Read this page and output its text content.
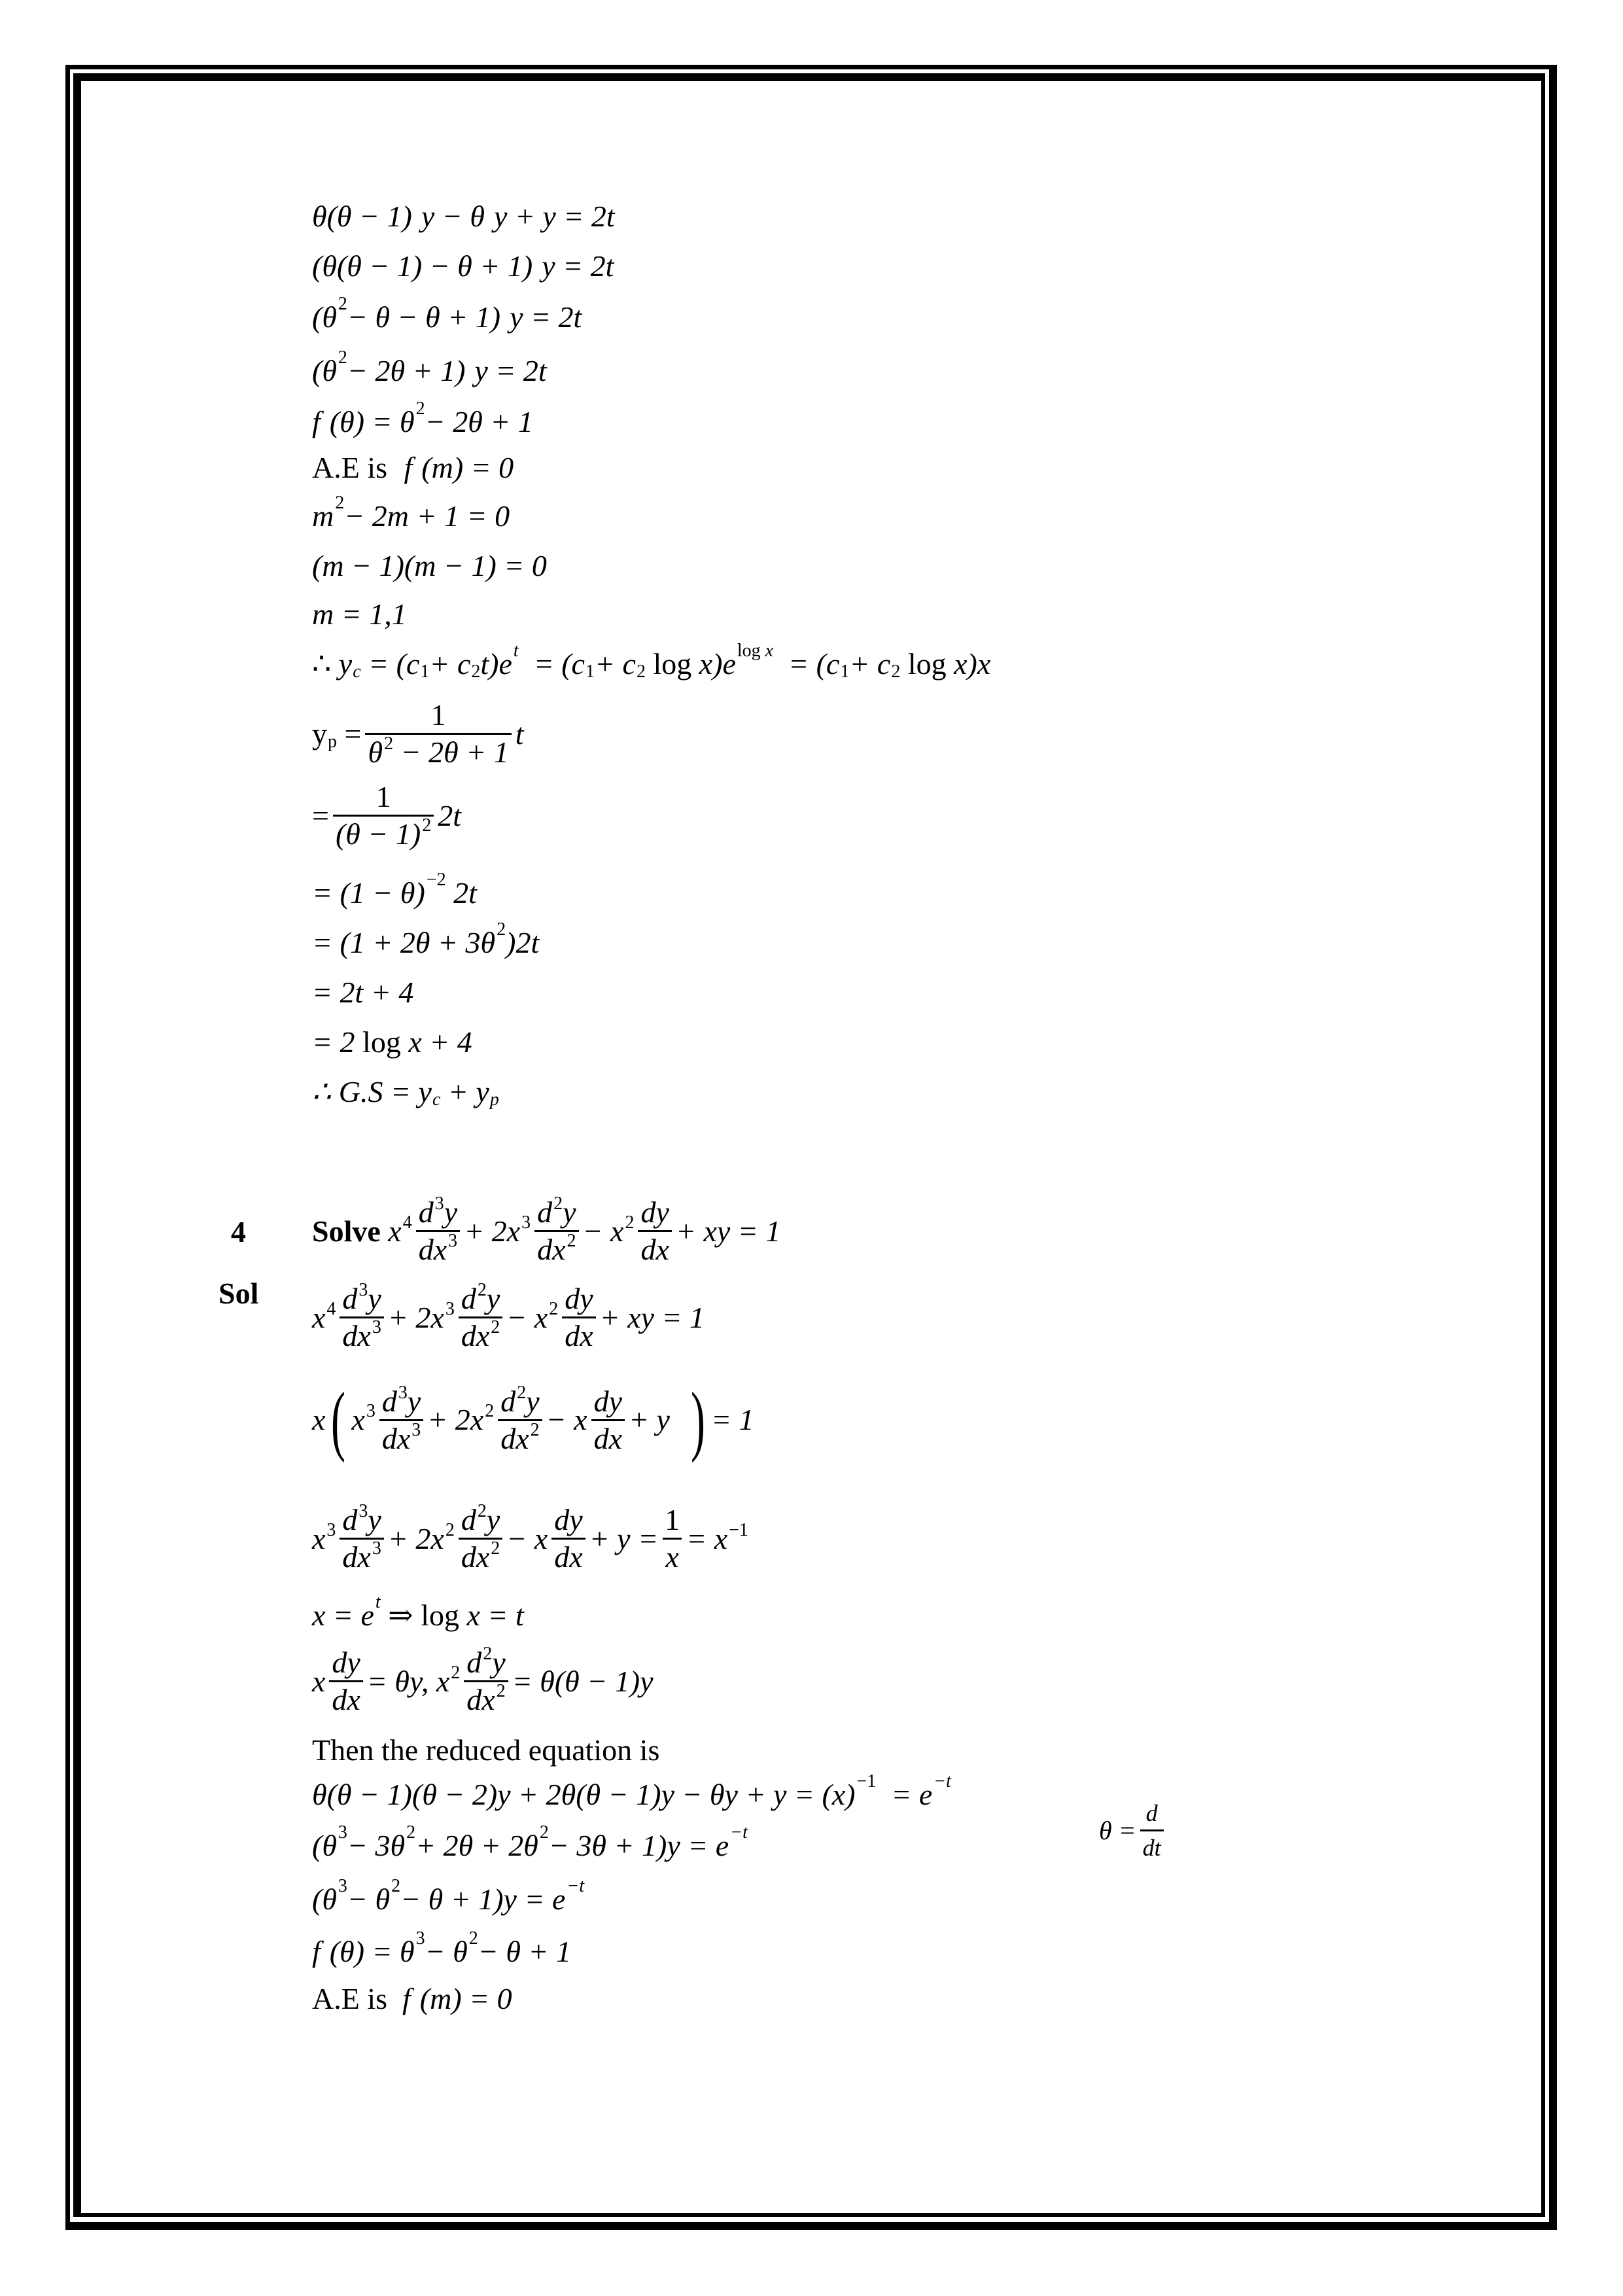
θ(θ − 1) y − θ y + y = 2t
(θ(θ − 1) − θ + 1) y = 2t
(θ 2 − θ − θ + 1) y = 2t
(θ 2 − 2θ + 1) y = 2t
f (θ) = θ 2 − 2θ + 1
A.E is f (m) = 0
m 2 − 2m + 1 = 0
(m − 1)(m − 1) = 0
m = 1,1
∴ y c = (c 1 + c 2 t)e t = (c 1 + c 2 log x)e log x = (c 1 + c 2 log x)x
y $p = \frac{1}{\theta^2 - 2\theta + 1}$ t
= $\frac{1}{(\theta - 1)^2} 2t$
= (1 − θ) −2 2t
= (1 + 2θ + 3θ 2 )2t
= 2t + 4
= 2 log x + 4
∴ G.S = y c + y p
4 Solve
$x^4 \frac{d^3y}{dx^3} + 2x^3 \frac{d^2y}{dx^2} - x^2 \frac{dy}{dx}$ + xy = 1
Sol
$x^4 \frac{d^3y}{dx^3} + 2x^3 \frac{d^2y}{dx^2} - x^2 \frac{dy}{dx}$ + xy = 1
x ( $x^3 \frac{d^3y}{dx^3} + 2x^2 \frac{d^2y}{dx^2} - x \frac{dy}{dx} + y$
) = 1
$x^3 \frac{d^3y}{dx^3} + 2x^2 \frac{d^2y}{dx^2} - x \frac{dy}{dx} + y = \frac{1}{x} = x^{-1}$
x = e t ⇒ log x = t
x $\frac{dy}{dx} = \theta y$, $x^2 \frac{d^2y}{dx^2} = \theta(\theta - 1)y$
Then the reduced equation is
θ(θ − 1)(θ − 2)y + 2θ(θ − 1)y − θy + y = (x) −1 = e −t
(θ 3 − 3θ 2 + 2θ + 2θ 2 − 3θ + 1)y = e −t
(θ 3 − θ 2 − θ + 1)y = e −t
f (θ) = θ 3 − θ 2 − θ + 1
A.E is f (m) = 0
$\theta = \frac{d}{dt}$
